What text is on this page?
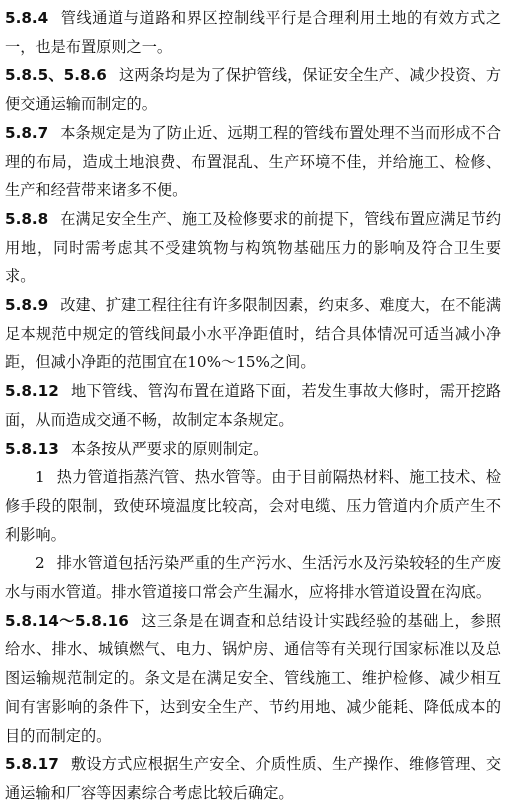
5.8.4 管线通道与道路和界区控制线平行是合理利用土地的有效方式之一，也是布置原则之一。

5.8.5、5.8.6 这两条均是为了保护管线，保证安全生产、减少投资、方便交通运输而制定的。

5.8.7 本条规定是为了防止近、远期工程的管线布置处理不当而形成不合理的布局，造成土地浪费、布置混乱、生产环境不佳，并给施工、检修、生产和经营带来诸多不便。

5.8.8 在满足安全生产、施工及检修要求的前提下，管线布置应满足节约用地，同时需考虑其不受建筑物与构筑物基础压力的影响及符合卫生要求。

5.8.9 改建、扩建工程往往有许多限制因素，约束多、难度大，在不能满足本规范中规定的管线间最小水平净距值时，结合具体情况可适当减小净距，但减小净距的范围宜在10%～15%之间。

5.8.12 地下管线、管沟布置在道路下面，若发生事故大修时，需开挖路面，从而造成交通不畅，故制定本条规定。

5.8.13 本条按从严要求的原则制定。

1 热力管道指蒸汽管、热水管等。由于目前隔热材料、施工技术、检修手段的限制，致使环境温度比较高，会对电缆、压力管道内介质产生不利影响。

2 排水管道包括污染严重的生产污水、生活污水及污染较轻的生产废水与雨水管道。排水管道接口常会产生漏水，应将排水管道设置在沟底。

5.8.14～5.8.16 这三条是在调查和总结设计实践经验的基础上，参照给水、排水、城镇燃气、电力、锅炉房、通信等有关现行国家标准以及总图运输规范制定的。条文是在满足安全、管线施工、维护检修、减少相互间有害影响的条件下，达到安全生产、节约用地、减少能耗、降低成本的目的而制定的。

5.8.17 敷设方式应根据生产安全、介质性质、生产操作、维修管理、交通运输和厂容等因素综合考虑比较后确定。
